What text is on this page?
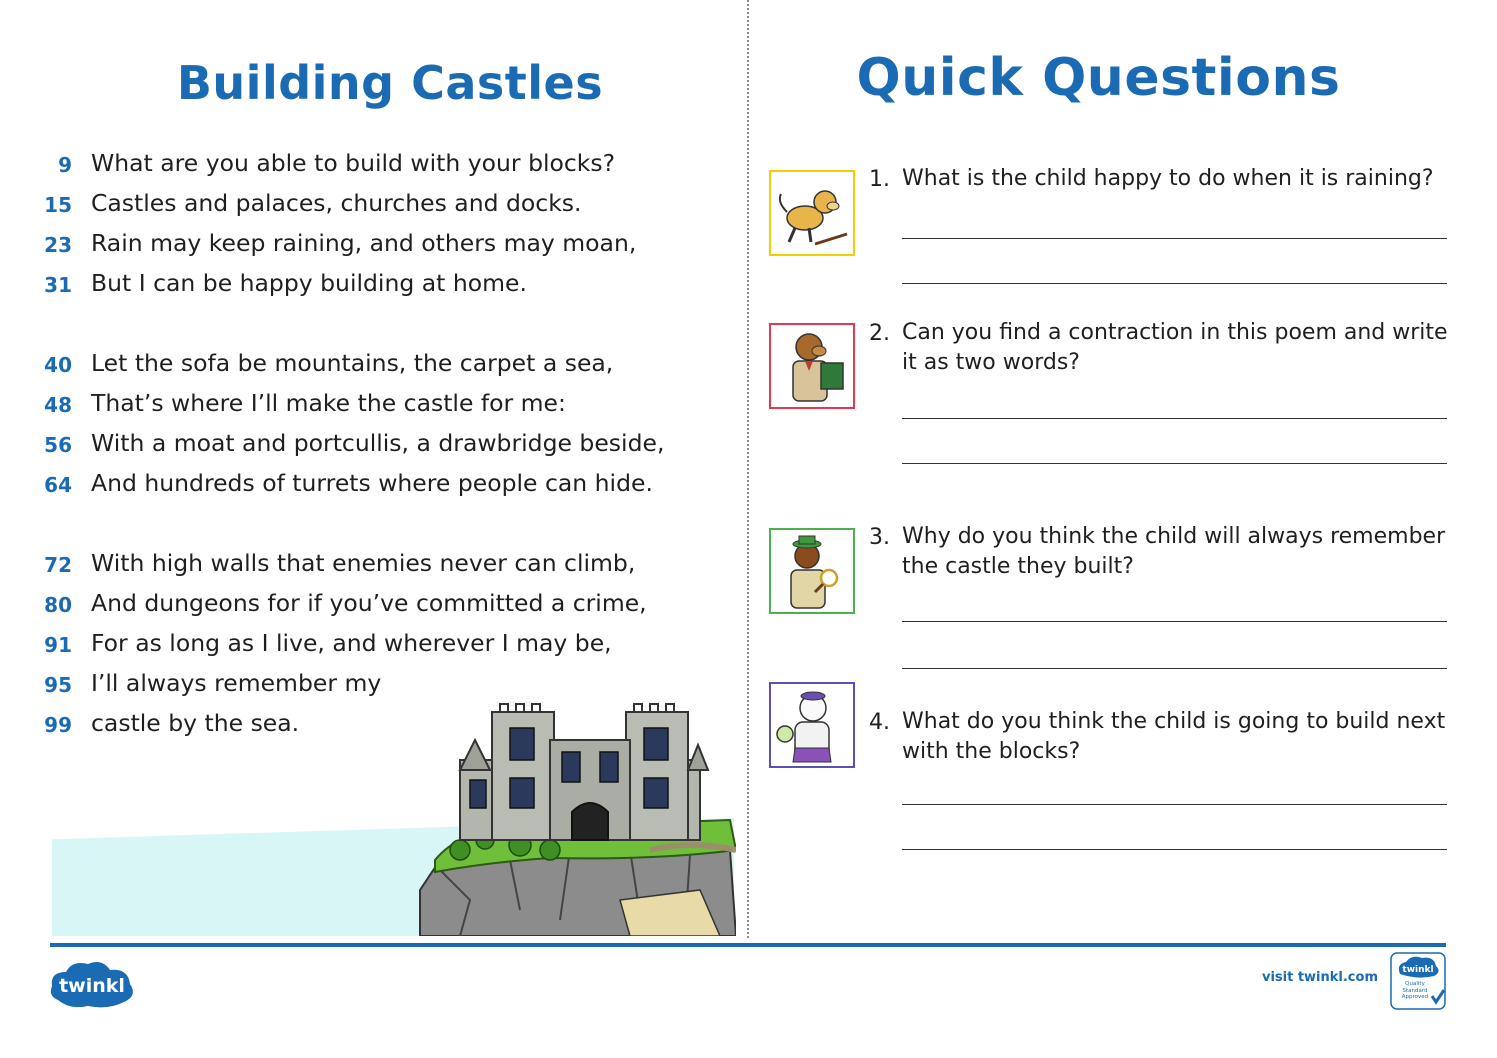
Building Castles
9 What are you able to build with your blocks?
15 Castles and palaces, churches and docks.
23 Rain may keep raining, and others may moan,
31 But I can be happy building at home.
40 Let the sofa be mountains, the carpet a sea,
48 That’s where I’ll make the castle for me:
56 With a moat and portcullis, a drawbridge beside,
64 And hundreds of turrets where people can hide.
72 With high walls that enemies never can climb,
80 And dungeons for if you’ve committed a crime,
91 For as long as I live, and wherever I may be,
95 I’ll always remember my
99 castle by the sea.
Quick Questions
1. What is the child happy to do when it is raining?
2. Can you find a contraction in this poem and write it as two words?
3. Why do you think the child will always remember the castle they built?
4. What do you think the child is going to build next with the blocks?
twinkl	visit twinkl.com	twinkl
Quality Standard Approved
